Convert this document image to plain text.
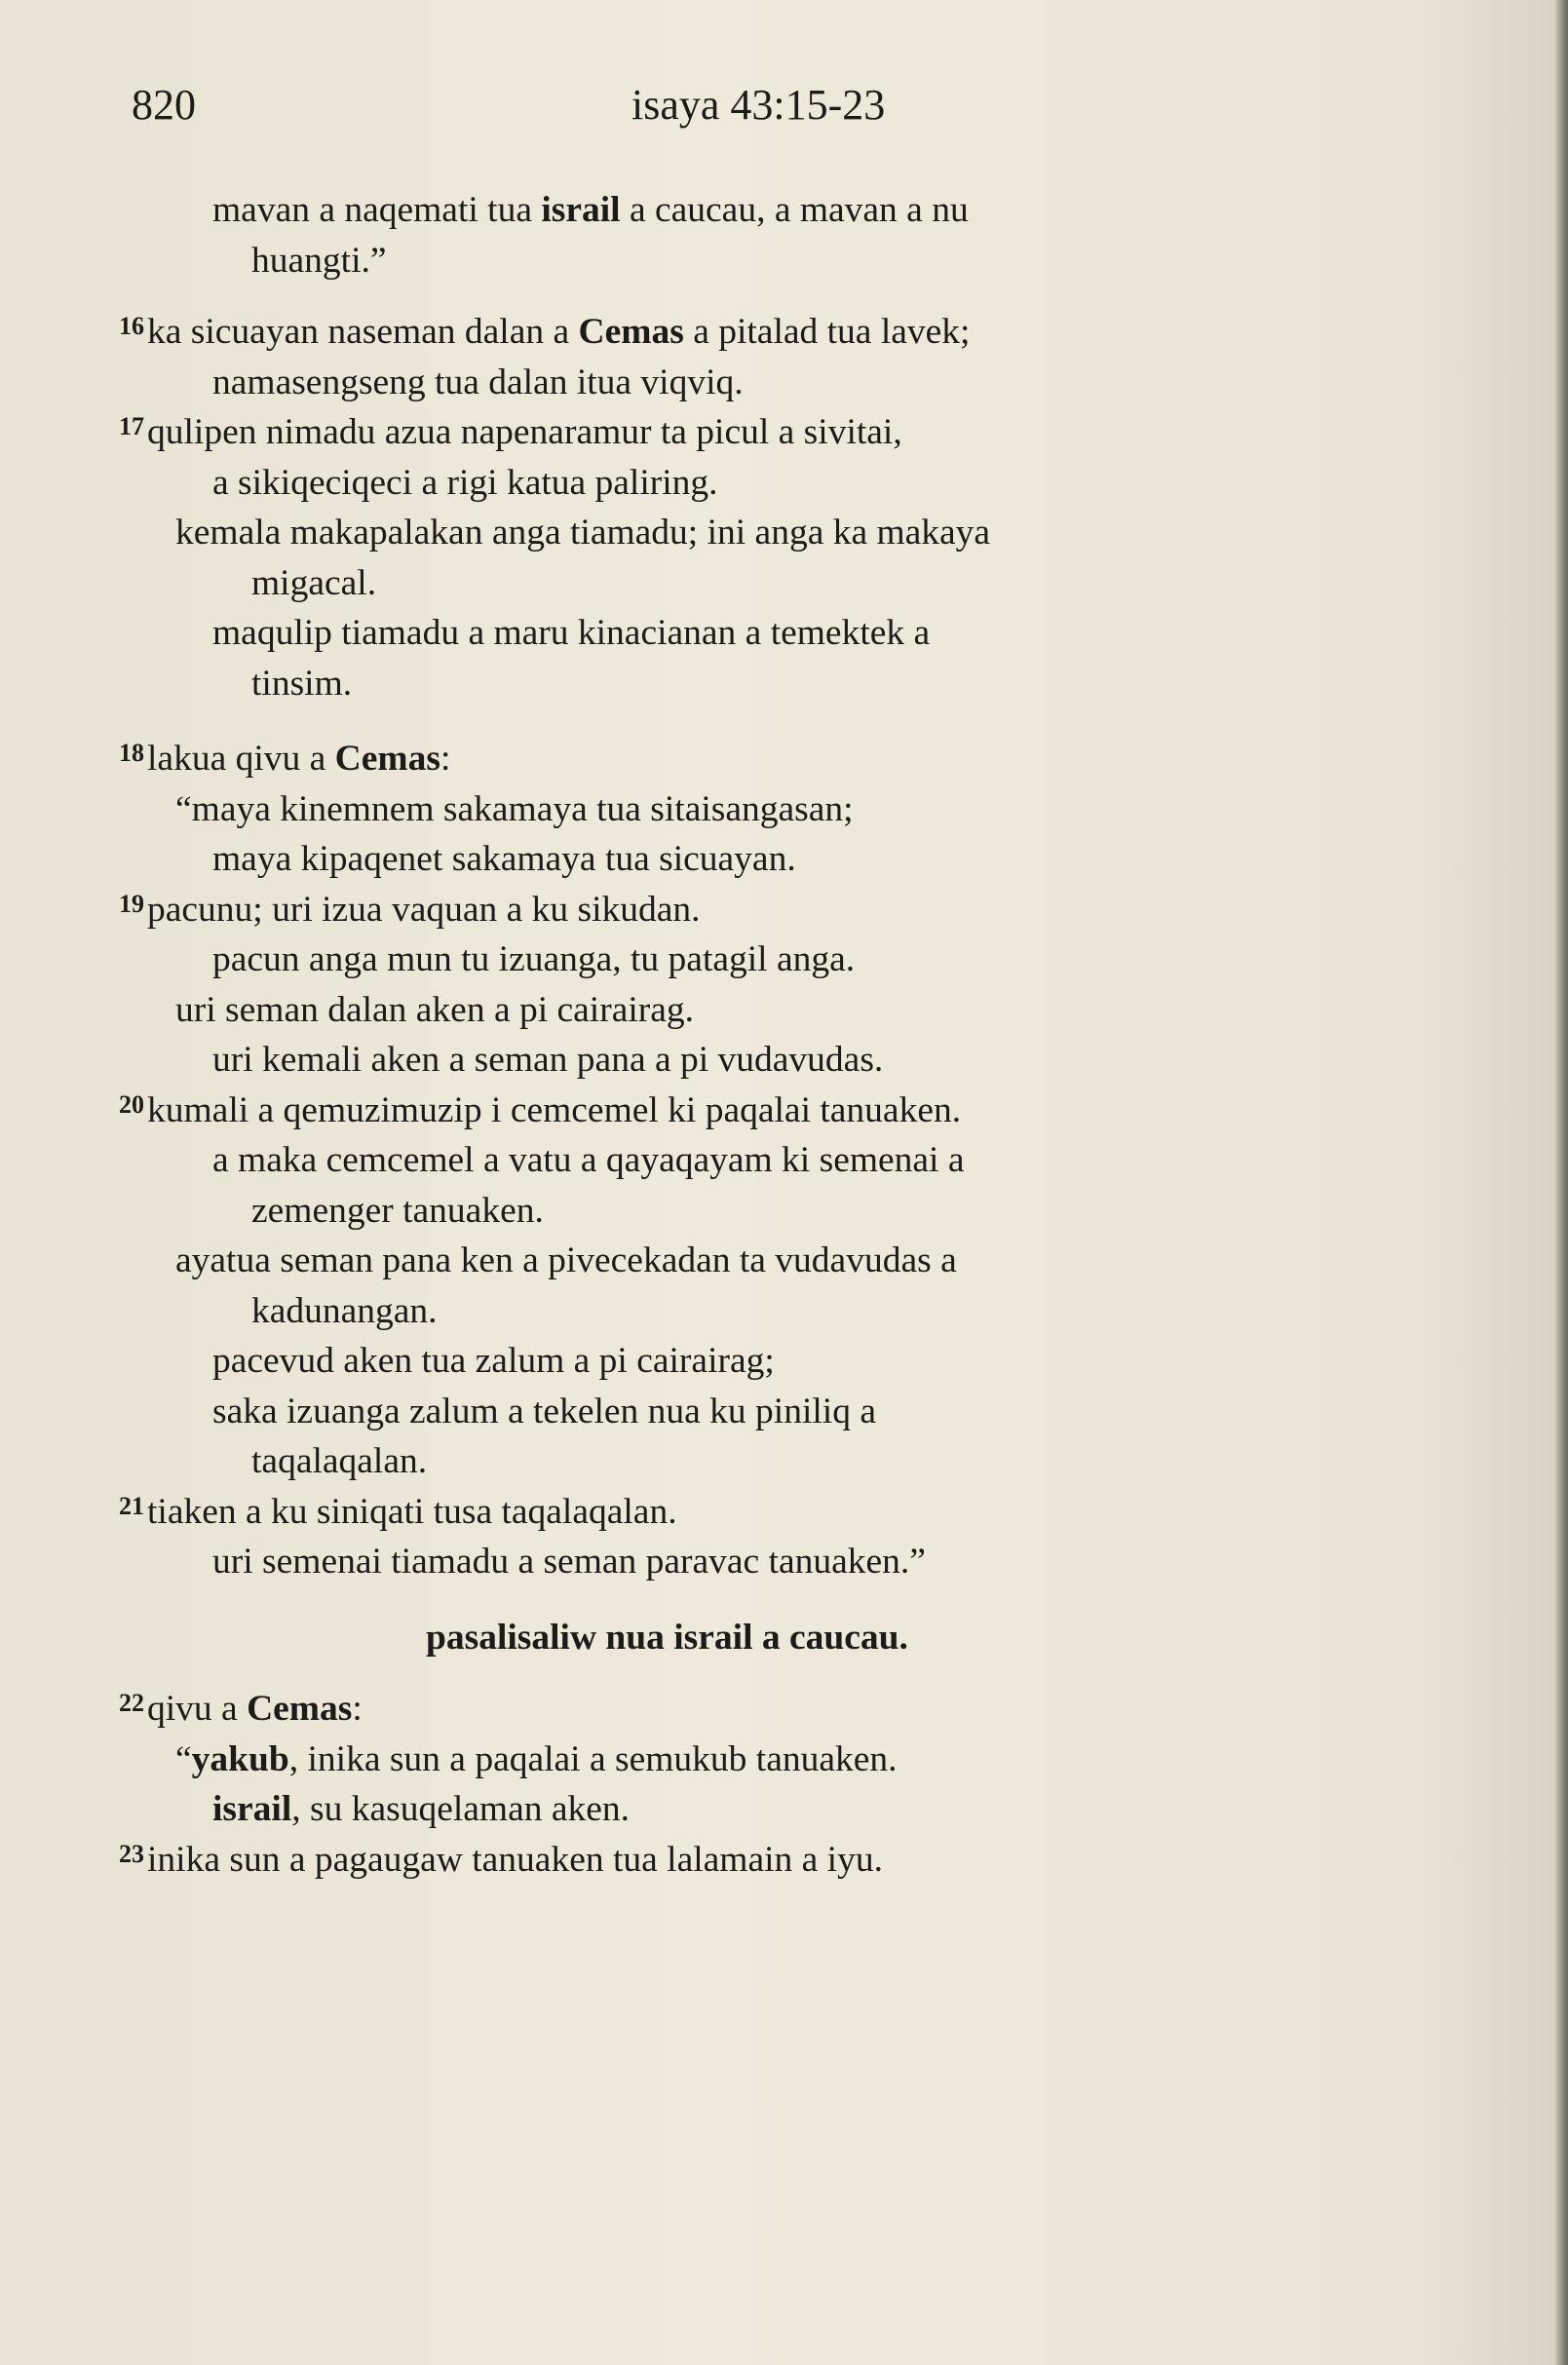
820	isaya 43:15-23
mavan a naqemati tua israil a caucau, a mavan a nu
huangti.”
$^{16}$ka sicuayan naseman dalan a Cemas a pitalad tua lavek;
namasengseng tua dalan itua viqviq.
$^{17}$qulipen nimadu azua napenaramur ta picul a sivitai,
a sikiqeciqeci a rigi katua paliring.
kemala makapalakan anga tiamadu; ini anga ka makaya
migacal.
maqulip tiamadu a maru kinacianan a temektek a
tinsim.
$^{18}$lakua qivu a Cemas:
“maya kinemnem sakamaya tua sitaisangasan;
maya kipaqenet sakamaya tua sicuayan.
$^{19}$pacunu; uri izua vaquan a ku sikudan.
pacun anga mun tu izuanga, tu patagil anga.
uri seman dalan aken a pi cairairag.
uri kemali aken a seman pana a pi vudavudas.
$^{20}$kumali a qemuzimuzip i cemcemel ki paqalai tanuaken.
a maka cemcemel a vatu a qayaqayam ki semenai a
zemenger tanuaken.
ayatua seman pana ken a pivecekadan ta vudavudas a
kadunangan.
pacevud aken tua zalum a pi cairairag;
saka izuanga zalum a tekelen nua ku piniliq a
taqalaqalan.
$^{21}$tiaken a ku siniqati tusa taqalaqalan.
uri semenai tiamadu a seman paravac tanuaken.”
pasalisaliw nua israil a caucau.
$^{22}$qivu a Cemas:
“yakub, inika sun a paqalai a semukub tanuaken.
israil, su kasuqelaman aken.
$^{23}$inika sun a pagaugaw tanuaken tua lalamain a iyu.
